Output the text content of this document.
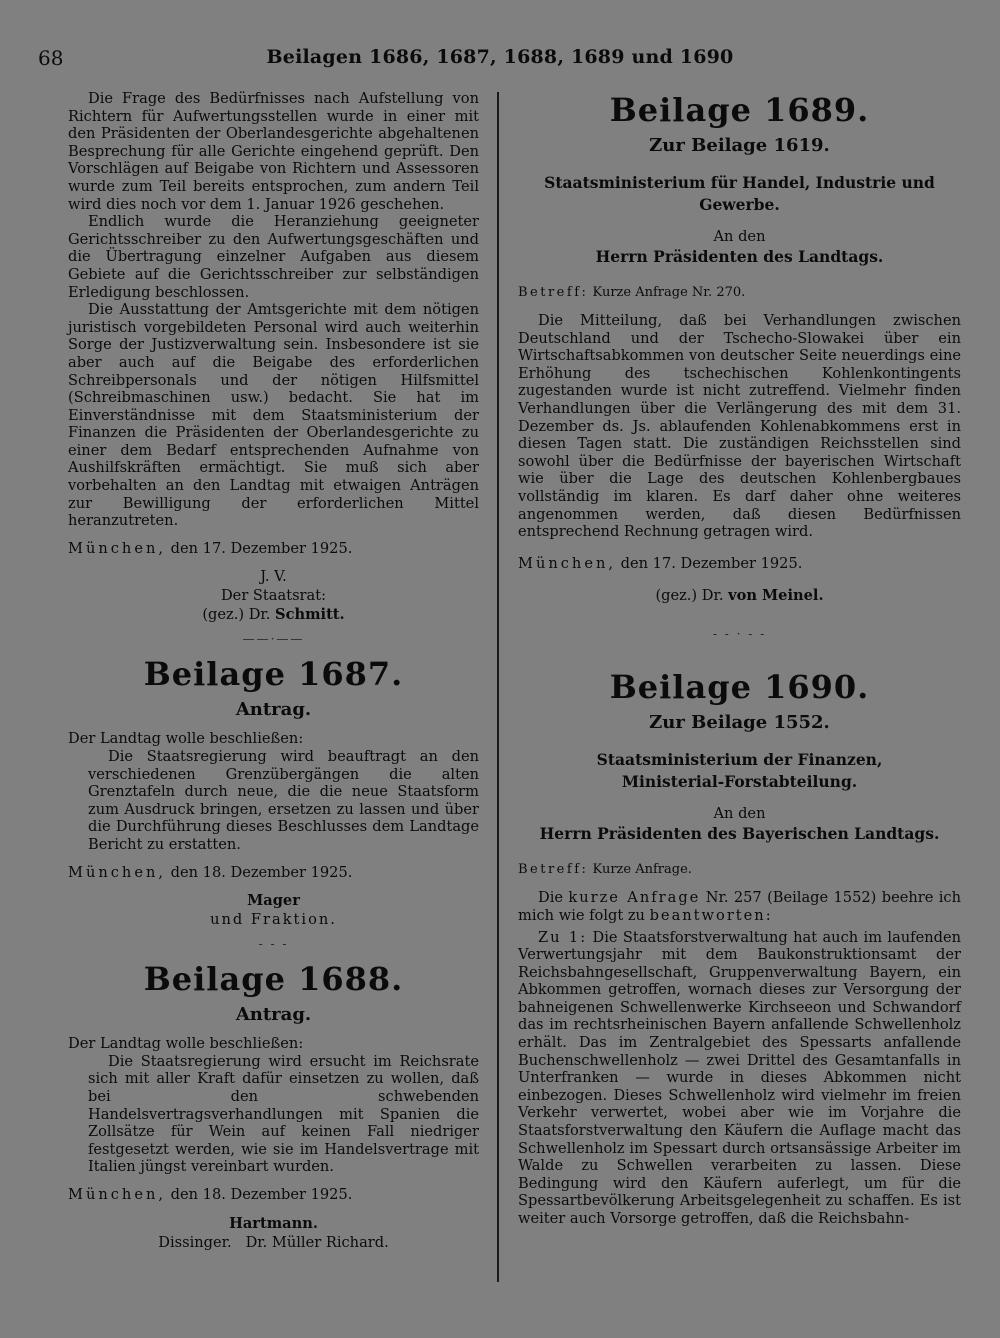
68	Beilagen 1686, 1687, 1688, 1689 und 1690

Die Frage des Bedürfnisses nach Aufstellung von Richtern für Aufwertungsstellen wurde in einer mit den Präsidenten der Oberlandesgerichte abgehaltenen Besprechung für alle Gerichte eingehend geprüft. Den Vorschlägen auf Beigabe von Richtern und Assessoren wurde zum Teil bereits entsprochen, zum andern Teil wird dies noch vor dem 1. Januar 1926 geschehen.

Endlich wurde die Heranziehung geeigneter Gerichtsschreiber zu den Aufwertungsgeschäften und die Übertragung einzelner Aufgaben aus diesem Gebiete auf die Gerichtsschreiber zur selbständigen Erledigung beschlossen.

Die Ausstattung der Amtsgerichte mit dem nötigen juristisch vorgebildeten Personal wird auch weiterhin Sorge der Justizverwaltung sein. Insbesondere ist sie aber auch auf die Beigabe des erforderlichen Schreibpersonals und der nötigen Hilfsmittel (Schreibmaschinen usw.) bedacht. Sie hat im Einverständnisse mit dem Staatsministerium der Finanzen die Präsidenten der Oberlandesgerichte zu einer dem Bedarf entsprechenden Aufnahme von Aushilfskräften ermächtigt. Sie muß sich aber vorbehalten an den Landtag mit etwaigen Anträgen zur Bewilligung der erforderlichen Mittel heranzutreten.

München, den 17. Dezember 1925.

J. V.

Der Staatsrat:

(gez.) Dr. Schmitt.

——·——
Beilage 1687.
Antrag.

Der Landtag wolle beschließen:

Die Staatsregierung wird beauftragt an den verschiedenen Grenzübergängen die alten Grenztafeln durch neue, die die neue Staatsform zum Ausdruck bringen, ersetzen zu lassen und über die Durchführung dieses Beschlusses dem Landtage Bericht zu erstatten.

München, den 18. Dezember 1925.

Mager

und Fraktion.

- - -
Beilage 1688.
Antrag.

Der Landtag wolle beschließen:

Die Staatsregierung wird ersucht im Reichsrate sich mit aller Kraft dafür einsetzen zu wollen, daß bei den schwebenden Handelsvertragsverhandlungen mit Spanien die Zollsätze für Wein auf keinen Fall niedriger festgesetzt werden, wie sie im Handelsvertrage mit Italien jüngst vereinbart wurden.

München, den 18. Dezember 1925.

Hartmann.

Dissinger.   Dr. Müller Richard.

Beilage 1689.
Zur Beilage 1619.
Staatsministerium für Handel, Industrie und Gewerbe.
An den
Herrn Präsidenten des Landtags.
Betreff: Kurze Anfrage Nr. 270.

Die Mitteilung, daß bei Verhandlungen zwischen Deutschland und der Tschecho-Slowakei über ein Wirtschaftsabkommen von deutscher Seite neuerdings eine Erhöhung des tschechischen Kohlenkontingents zugestanden wurde ist nicht zutreffend. Vielmehr finden Verhandlungen über die Verlängerung des mit dem 31. Dezember ds. Js. ablaufenden Kohlenabkommens erst in diesen Tagen statt. Die zuständigen Reichsstellen sind sowohl über die Bedürfnisse der bayerischen Wirtschaft wie über die Lage des deutschen Kohlenbergbaues vollständig im klaren. Es darf daher ohne weiteres angenommen werden, daß diesen Bedürfnissen entsprechend Rechnung getragen wird.

München, den 17. Dezember 1925.

(gez.) Dr. von Meinel.

- - · - -
Beilage 1690.
Zur Beilage 1552.
Staatsministerium der Finanzen,
Ministerial-Forstabteilung.
An den
Herrn Präsidenten des Bayerischen Landtags.
Betreff: Kurze Anfrage.

Die kurze Anfrage Nr. 257 (Beilage 1552) beehre ich mich wie folgt zu beantworten:

Zu 1: Die Staatsforstverwaltung hat auch im laufenden Verwertungsjahr mit dem Baukonstruktionsamt der Reichsbahngesellschaft, Gruppenverwaltung Bayern, ein Abkommen getroffen, wornach dieses zur Versorgung der bahneigenen Schwellenwerke Kirchseeon und Schwandorf das im rechtsrheinischen Bayern anfallende Schwellenholz erhält. Das im Zentralgebiet des Spessarts anfallende Buchenschwellenholz — zwei Drittel des Gesamtanfalls in Unterfranken — wurde in dieses Abkommen nicht einbezogen. Dieses Schwellenholz wird vielmehr im freien Verkehr verwertet, wobei aber wie im Vorjahre die Staatsforstverwaltung den Käufern die Auflage macht das Schwellenholz im Spessart durch ortsansässige Arbeiter im Walde zu Schwellen verarbeiten zu lassen. Diese Bedingung wird den Käufern auferlegt, um für die Spessartbevölkerung Arbeitsgelegenheit zu schaffen. Es ist weiter auch Vorsorge getroffen, daß die Reichsbahn-
